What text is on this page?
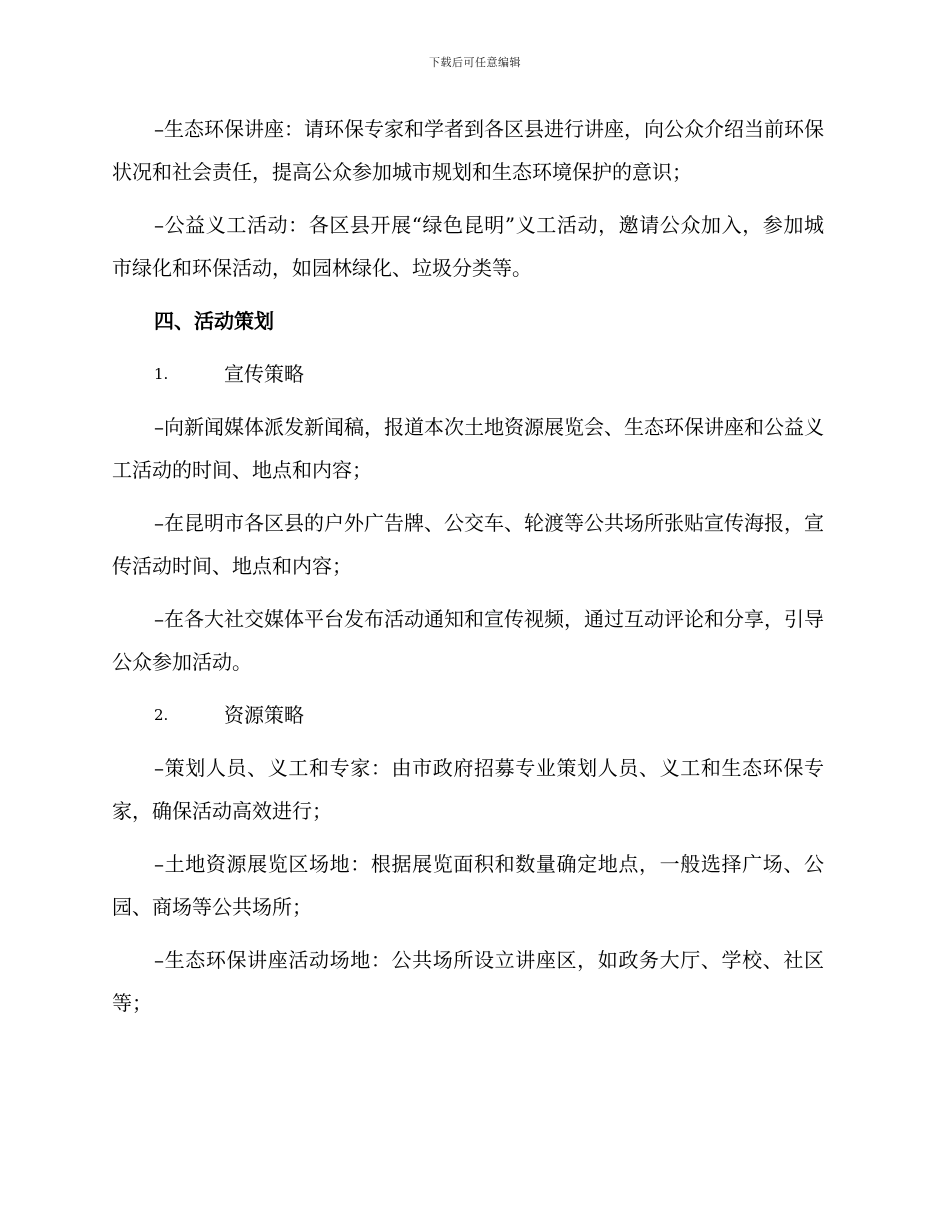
下载后可任意编辑

–生态环保讲座：请环保专家和学者到各区县进行讲座，向公众介绍当前环保状况和社会责任，提高公众参加城市规划和生态环境保护的意识；

–公益义工活动：各区县开展“绿色昆明”义工活动，邀请公众加入，参加城市绿化和环保活动，如园林绿化、垃圾分类等。

四、活动策划
1.	宣传策略

–向新闻媒体派发新闻稿，报道本次土地资源展览会、生态环保讲座和公益义工活动的时间、地点和内容；

–在昆明市各区县的户外广告牌、公交车、轮渡等公共场所张贴宣传海报，宣传活动时间、地点和内容；

–在各大社交媒体平台发布活动通知和宣传视频，通过互动评论和分享，引导公众参加活动。

2.	资源策略

–策划人员、义工和专家：由市政府招募专业策划人员、义工和生态环保专家，确保活动高效进行；

–土地资源展览区场地：根据展览面积和数量确定地点，一般选择广场、公园、商场等公共场所；

–生态环保讲座活动场地：公共场所设立讲座区，如政务大厅、学校、社区等；
